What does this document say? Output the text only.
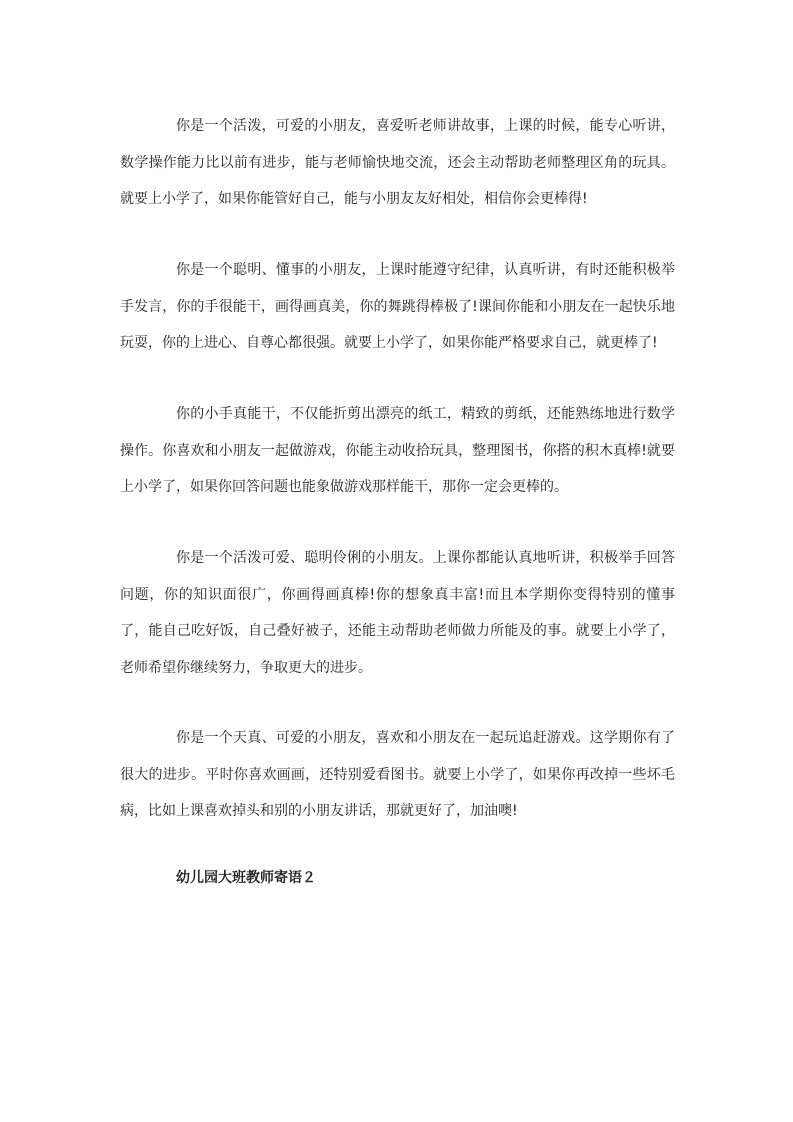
你是一个活泼，可爱的小朋友，喜爱听老师讲故事，上课的时候，能专心听讲，数学操作能力比以前有进步，能与老师愉快地交流，还会主动帮助老师整理区角的玩具。就要上小学了，如果你能管好自己，能与小朋友友好相处，相信你会更棒得!

你是一个聪明、懂事的小朋友，上课时能遵守纪律，认真听讲，有时还能积极举手发言，你的手很能干，画得画真美，你的舞跳得棒极了!课间你能和小朋友在一起快乐地玩耍，你的上进心、自尊心都很强。就要上小学了，如果你能严格要求自己，就更棒了!

你的小手真能干，不仅能折剪出漂亮的纸工，精致的剪纸，还能熟练地进行数学操作。你喜欢和小朋友一起做游戏，你能主动收拾玩具，整理图书，你搭的积木真棒!就要上小学了，如果你回答问题也能象做游戏那样能干，那你一定会更棒的。

你是一个活泼可爱、聪明伶俐的小朋友。上课你都能认真地听讲，积极举手回答问题，你的知识面很广，你画得画真棒!你的想象真丰富!而且本学期你变得特别的懂事了，能自己吃好饭，自己叠好被子，还能主动帮助老师做力所能及的事。就要上小学了，老师希望你继续努力，争取更大的进步。

你是一个天真、可爱的小朋友，喜欢和小朋友在一起玩追赶游戏。这学期你有了很大的进步。平时你喜欢画画，还特别爱看图书。就要上小学了，如果你再改掉一些坏毛病，比如上课喜欢掉头和别的小朋友讲话，那就更好了，加油噢!

幼儿园大班教师寄语２
